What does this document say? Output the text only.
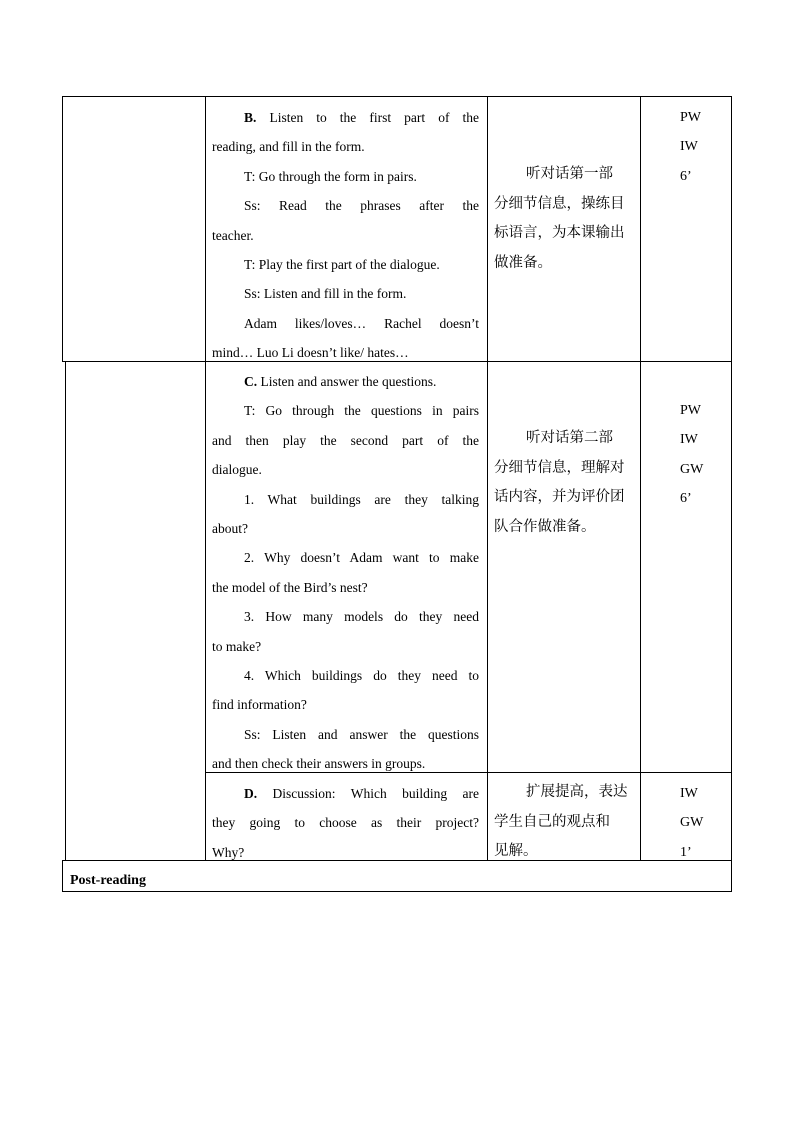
B. Listen to the first part of the
reading, and fill in the form.
T: Go through the form in pairs.
Ss: Read the phrases after the
teacher.
T: Play the first part of the dialogue.
Ss: Listen and fill in the form.
Adam likes/loves… Rachel doesn’t
mind… Luo Li doesn’t like/ hates…
听对话第一部
分细节信息，操练目
标语言，为本课输出
做准备。
PW
IW
6’
C. Listen and answer the questions.
T: Go through the questions in pairs
and then play the second part of the
dialogue.
1. What buildings are they talking
about?
2. Why doesn’t Adam want to make
the model of the Bird’s nest?
3. How many models do they need
to make?
4. Which buildings do they need to
find information?
Ss: Listen and answer the questions
and then check their answers in groups.
听对话第二部
分细节信息，理解对
话内容，并为评价团
队合作做准备。
PW
IW
GW
6’
D. Discussion: Which building are
they going to choose as their project?
Why?
扩展提高，表达
学生自己的观点和
见解。
IW
GW
1’
Post-reading
